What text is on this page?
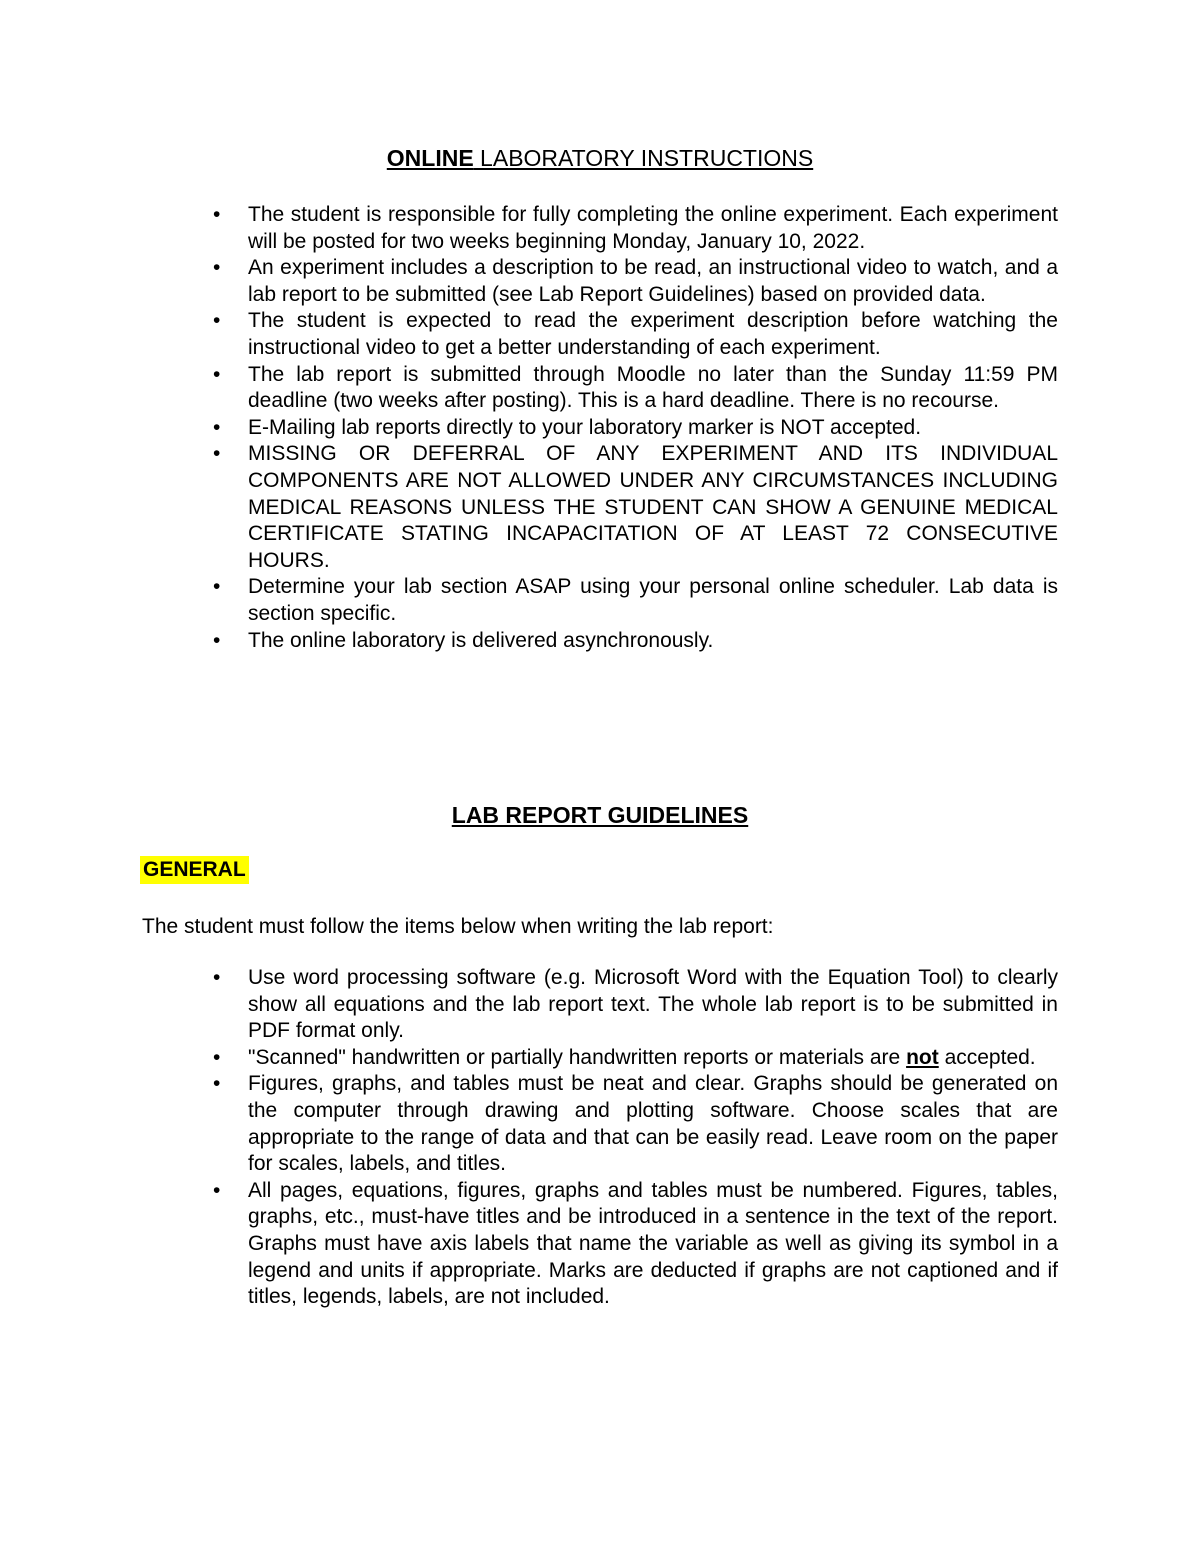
ONLINE LABORATORY INSTRUCTIONS
• The student is responsible for fully completing the online experiment. Each experiment will be posted for two weeks beginning Monday, January 10, 2022.
• An experiment includes a description to be read, an instructional video to watch, and a lab report to be submitted (see Lab Report Guidelines) based on provided data.
• The student is expected to read the experiment description before watching the instructional video to get a better understanding of each experiment.
• The lab report is submitted through Moodle no later than the Sunday 11:59 PM deadline (two weeks after posting). This is a hard deadline. There is no recourse.
• E-Mailing lab reports directly to your laboratory marker is NOT accepted.
• MISSING OR DEFERRAL OF ANY EXPERIMENT AND ITS INDIVIDUAL COMPONENTS ARE NOT ALLOWED UNDER ANY CIRCUMSTANCES INCLUDING MEDICAL REASONS UNLESS THE STUDENT CAN SHOW A GENUINE MEDICAL CERTIFICATE STATING INCAPACITATION OF AT LEAST 72 CONSECUTIVE HOURS.
• Determine your lab section ASAP using your personal online scheduler. Lab data is section specific.
• The online laboratory is delivered asynchronously.
LAB REPORT GUIDELINES
GENERAL

The student must follow the items below when writing the lab report:

• Use word processing software (e.g. Microsoft Word with the Equation Tool) to clearly show all equations and the lab report text. The whole lab report is to be submitted in PDF format only.
• "Scanned" handwritten or partially handwritten reports or materials are not accepted.
• Figures, graphs, and tables must be neat and clear. Graphs should be generated on the computer through drawing and plotting software. Choose scales that are appropriate to the range of data and that can be easily read. Leave room on the paper for scales, labels, and titles.
• All pages, equations, figures, graphs and tables must be numbered. Figures, tables, graphs, etc., must-have titles and be introduced in a sentence in the text of the report. Graphs must have axis labels that name the variable as well as giving its symbol in a legend and units if appropriate. Marks are deducted if graphs are not captioned and if titles, legends, labels, are not included.
